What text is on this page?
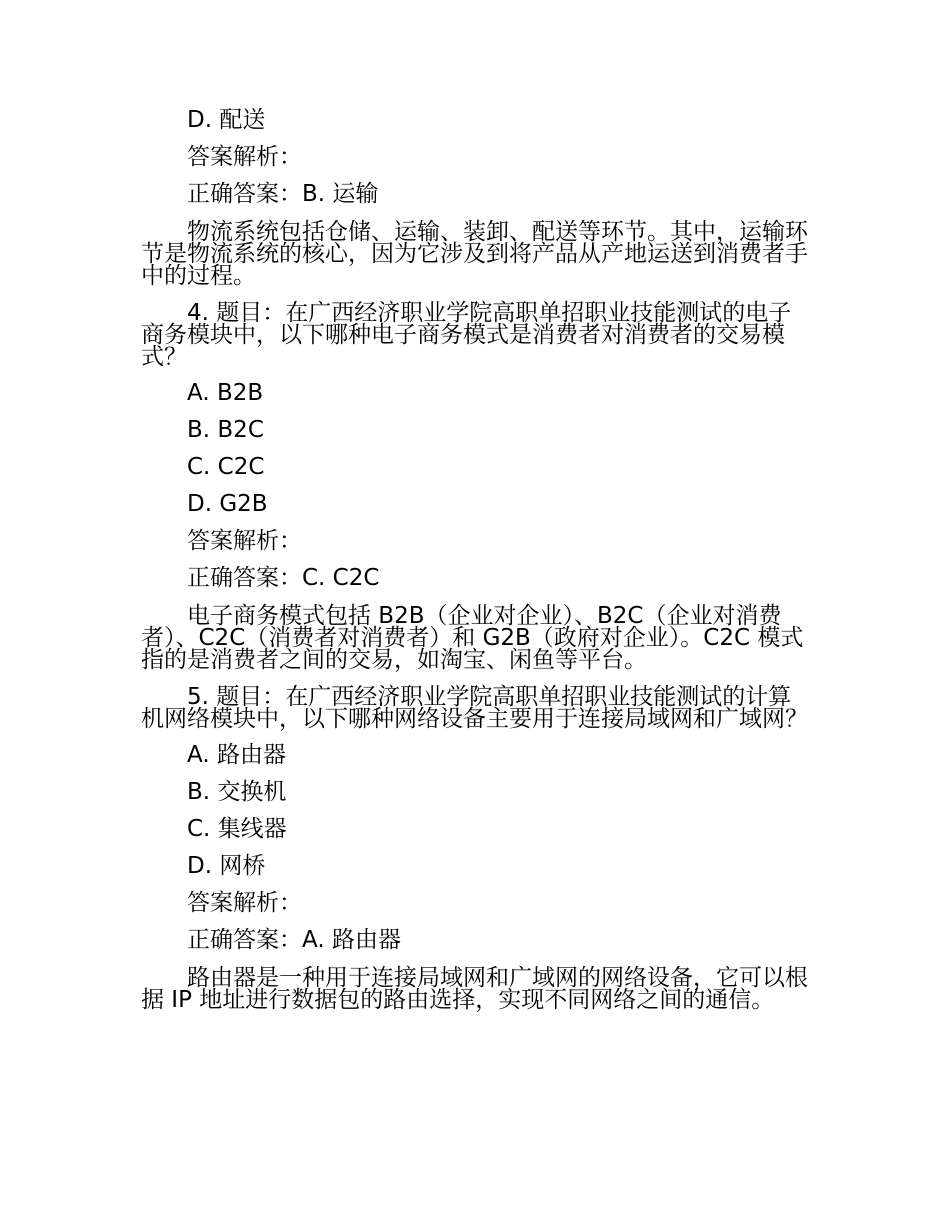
D. 配送
答案解析：
正确答案：B. 运输
物流系统包括仓储、运输、装卸、配送等环节。其中，运输环节是物流系统的核心，因为它涉及到将产品从产地运送到消费者手中的过程。
4. 题目：在广西经济职业学院高职单招职业技能测试的电子商务模块中，以下哪种电子商务模式是消费者对消费者的交易模式？
A. B2B
B. B2C
C. C2C
D. G2B
答案解析：
正确答案：C. C2C
电子商务模式包括 B2B（企业对企业）、B2C（企业对消费者）、C2C（消费者对消费者）和 G2B（政府对企业）。C2C 模式指的是消费者之间的交易，如淘宝、闲鱼等平台。
5. 题目：在广西经济职业学院高职单招职业技能测试的计算机网络模块中，以下哪种网络设备主要用于连接局域网和广域网？
A. 路由器
B. 交换机
C. 集线器
D. 网桥
答案解析：
正确答案：A. 路由器
路由器是一种用于连接局域网和广域网的网络设备，它可以根据 IP 地址进行数据包的路由选择，实现不同网络之间的通信。
